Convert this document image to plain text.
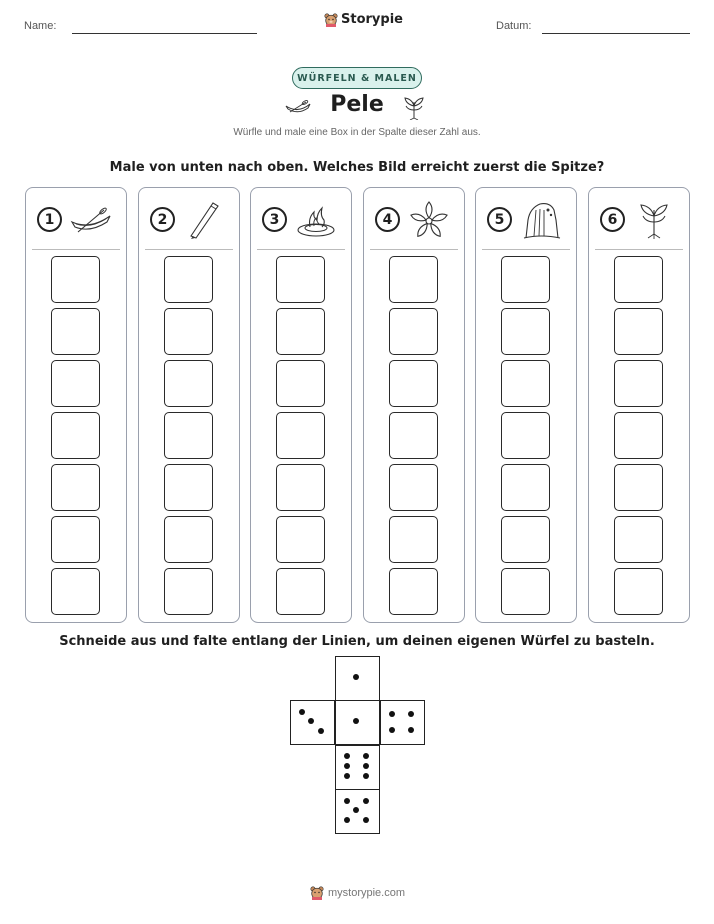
Name:	Storypie	Datum:
WÜRFELN & MALEN
Pele
Würfle und male eine Box in der Spalte dieser Zahl aus.
Male von unten nach oben. Welches Bild erreicht zuerst die Spitze?
1	2	3	4	5	6
Schneide aus und falte entlang der Linien, um deinen eigenen Würfel zu basteln.
mystorypie.com
